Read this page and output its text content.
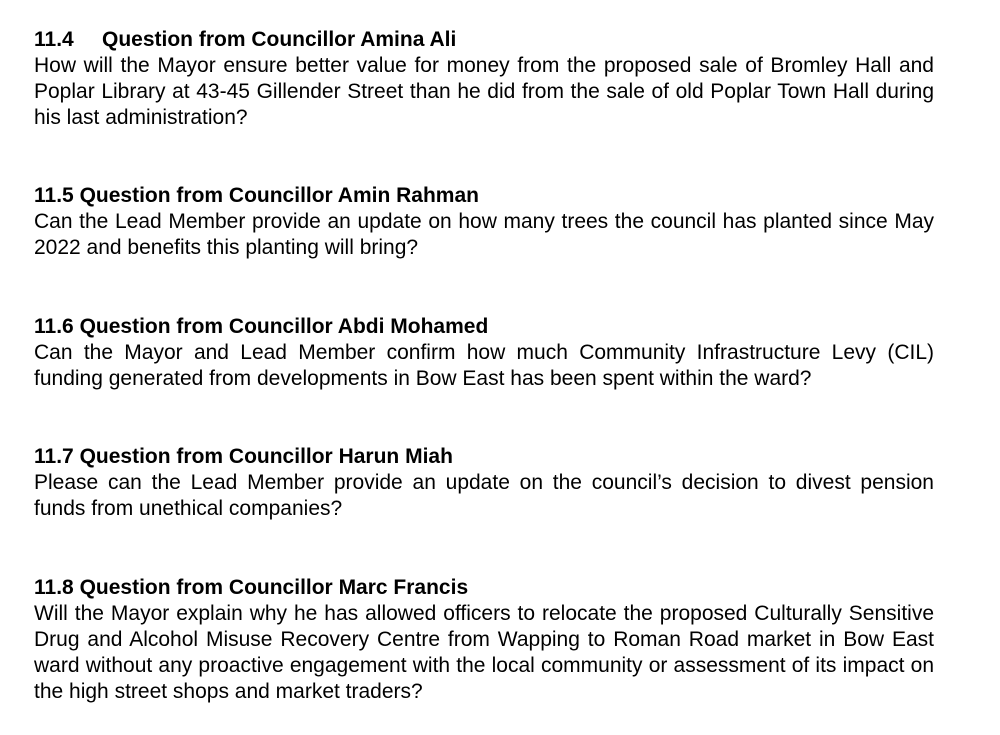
11.4 Question from Councillor Amina Ali

How will the Mayor ensure better value for money from the proposed sale of Bromley Hall and Poplar Library at 43-45 Gillender Street than he did from the sale of old Poplar Town Hall during his last administration?

11.5 Question from Councillor Amin Rahman

Can the Lead Member provide an update on how many trees the council has planted since May 2022 and benefits this planting will bring?

11.6 Question from Councillor Abdi Mohamed

Can the Mayor and Lead Member confirm how much Community Infrastructure Levy (CIL) funding generated from developments in Bow East has been spent within the ward?

11.7 Question from Councillor Harun Miah

Please can the Lead Member provide an update on the council’s decision to divest pension funds from unethical companies?

11.8 Question from Councillor Marc Francis

Will the Mayor explain why he has allowed officers to relocate the proposed Culturally Sensitive Drug and Alcohol Misuse Recovery Centre from Wapping to Roman Road market in Bow East ward without any proactive engagement with the local community or assessment of its impact on the high street shops and market traders?
